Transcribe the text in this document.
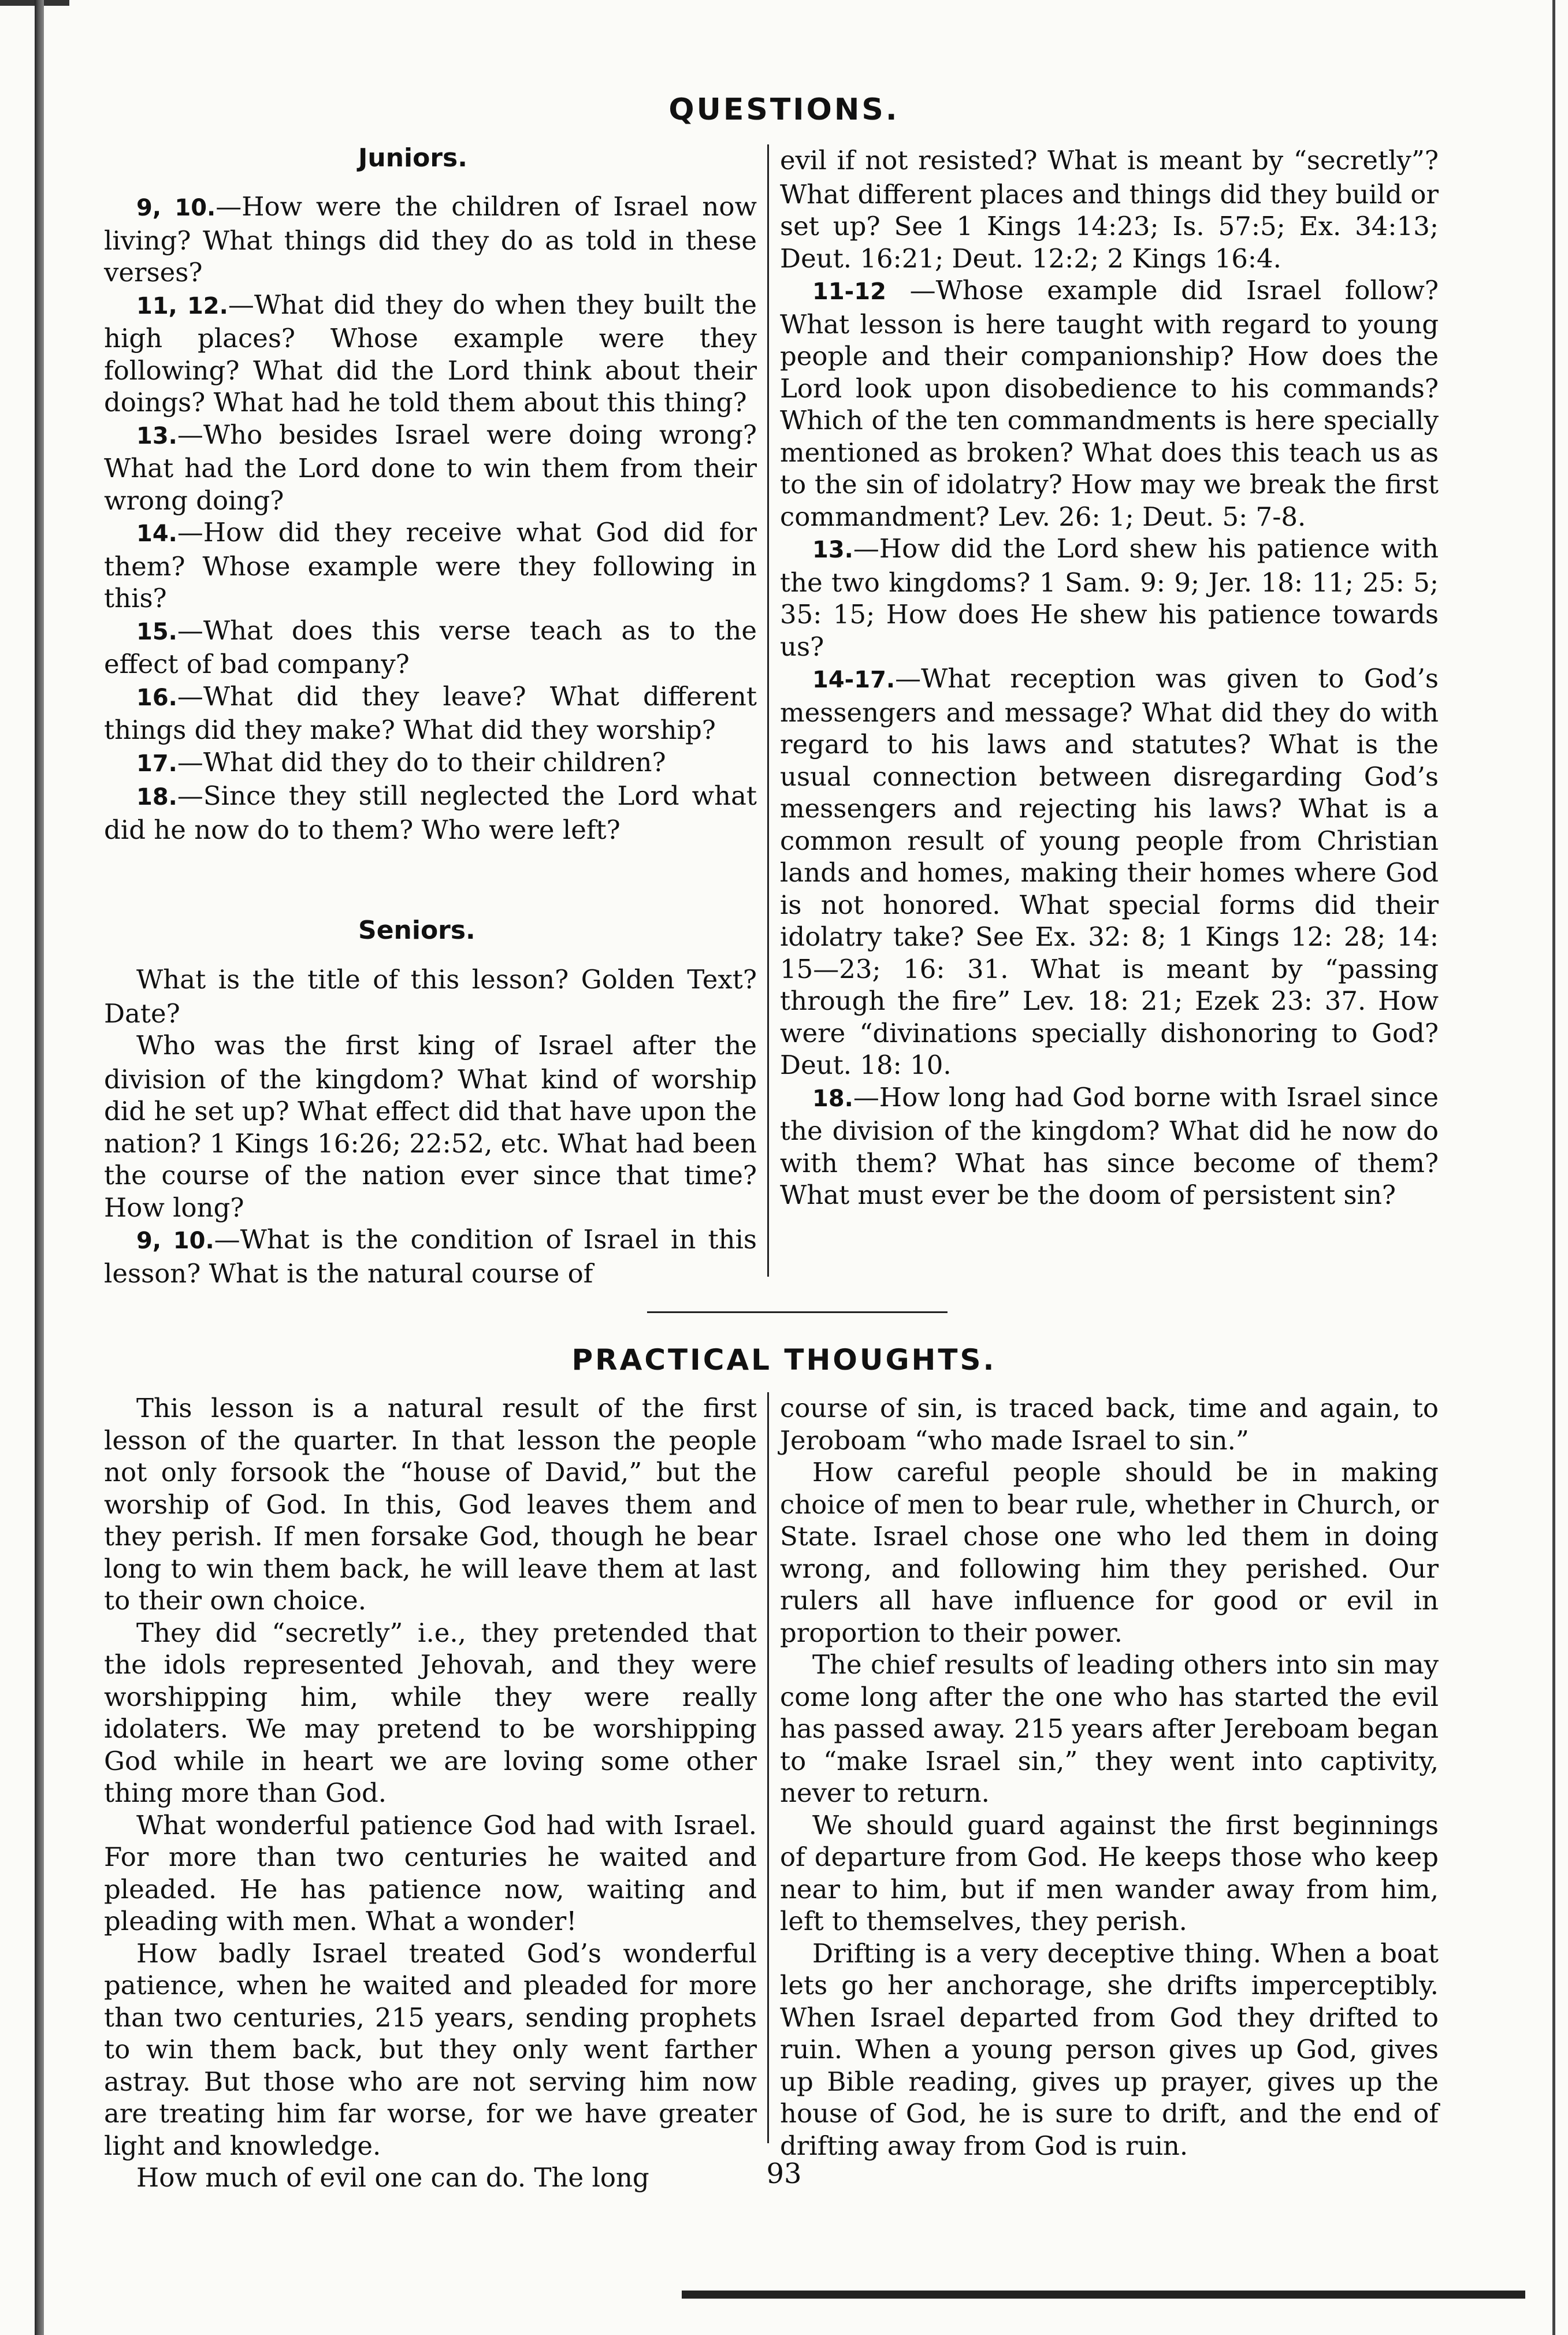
QUESTIONS.
Juniors.

9, 10.—How were the children of Israel now living? What things did they do as told in these verses?

11, 12.—What did they do when they built the high places? Whose example were they following? What did the Lord think about their doings? What had he told them about this thing?

13.—Who besides Israel were doing wrong? What had the Lord done to win them from their wrong doing?

14.—How did they receive what God did for them? Whose example were they following in this?

15.—What does this verse teach as to the effect of bad company?

16.—What did they leave? What different things did they make? What did they worship?

17.—What did they do to their children?

18.—Since they still neglected the Lord what did he now do to them? Who were left?

Seniors.

What is the title of this lesson? Golden Text? Date?

Who was the first king of Israel after the division of the kingdom? What kind of worship did he set up? What effect did that have upon the nation? 1 Kings 16:26; 22:52, etc. What had been the course of the nation ever since that time? How long?

9, 10.—What is the condition of Israel in this lesson? What is the natural course of

evil if not resisted? What is meant by “secretly”? What different places and things did they build or set up? See 1 Kings 14:23; Is. 57:5; Ex. 34:13; Deut. 16:21; Deut. 12:2; 2 Kings 16:4.

11-12 —Whose example did Israel follow? What lesson is here taught with regard to young people and their companionship? How does the Lord look upon disobedience to his commands? Which of the ten commandments is here specially mentioned as broken? What does this teach us as to the sin of idolatry? How may we break the first commandment? Lev. 26: 1; Deut. 5: 7-8.

13.—How did the Lord shew his patience with the two kingdoms? 1 Sam. 9: 9; Jer. 18: 11; 25: 5; 35: 15; How does He shew his patience towards us?

14-17.—What reception was given to God’s messengers and message? What did they do with regard to his laws and statutes? What is the usual connection between disregarding God’s messengers and rejecting his laws? What is a common result of young people from Christian lands and homes, making their homes where God is not honored. What special forms did their idolatry take? See Ex. 32: 8; 1 Kings 12: 28; 14: 15—23; 16: 31. What is meant by “passing through the fire” Lev. 18: 21; Ezek 23: 37. How were “divinations specially dishonoring to God? Deut. 18: 10.

18.—How long had God borne with Israel since the division of the kingdom? What did he now do with them? What has since become of them? What must ever be the doom of persistent sin?

PRACTICAL THOUGHTS.

This lesson is a natural result of the first lesson of the quarter. In that lesson the people not only forsook the “house of David,” but the worship of God. In this, God leaves them and they perish. If men forsake God, though he bear long to win them back, he will leave them at last to their own choice.

They did “secretly” i.e., they pretended that the idols represented Jehovah, and they were worshipping him, while they were really idolaters. We may pretend to be worshipping God while in heart we are loving some other thing more than God.

What wonderful patience God had with Israel. For more than two centuries he waited and pleaded. He has patience now, waiting and pleading with men. What a wonder!

How badly Israel treated God’s wonderful patience, when he waited and pleaded for more than two centuries, 215 years, sending prophets to win them back, but they only went farther astray. But those who are not serving him now are treating him far worse, for we have greater light and knowledge.

How much of evil one can do. The long

course of sin, is traced back, time and again, to Jeroboam “who made Israel to sin.”

How careful people should be in making choice of men to bear rule, whether in Church, or State. Israel chose one who led them in doing wrong, and following him they perished. Our rulers all have influence for good or evil in proportion to their power.

The chief results of leading others into sin may come long after the one who has started the evil has passed away. 215 years after Jereboam began to “make Israel sin,” they went into captivity, never to return.

We should guard against the first beginnings of departure from God. He keeps those who keep near to him, but if men wander away from him, left to themselves, they perish.

Drifting is a very deceptive thing. When a boat lets go her anchorage, she drifts imperceptibly. When Israel departed from God they drifted to ruin. When a young person gives up God, gives up Bible reading, gives up prayer, gives up the house of God, he is sure to drift, and the end of drifting away from God is ruin.

93
